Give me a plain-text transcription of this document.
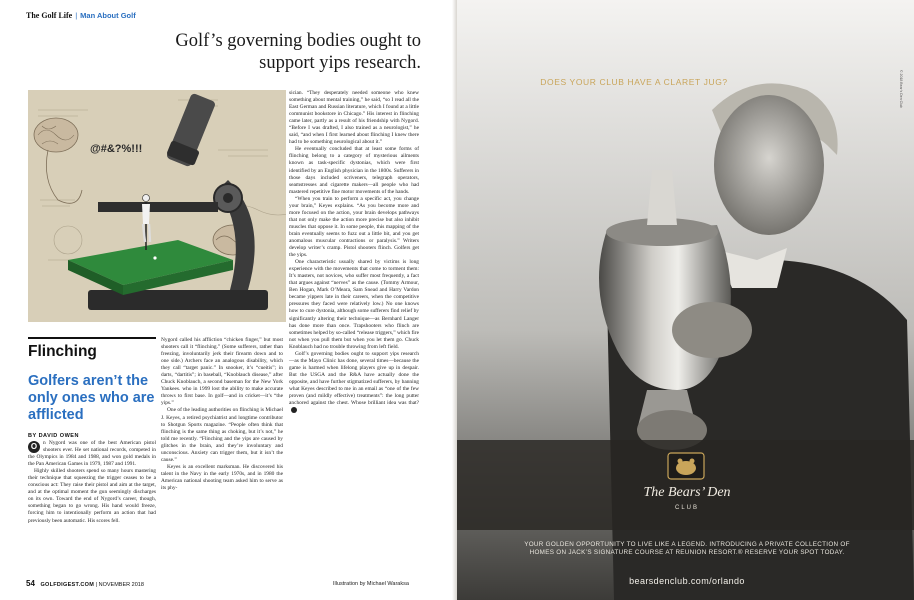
The Golf Life | Man About Golf
Golf’s governing bodies ought to support yips research.
@#&?%!!!
Flinching
Golfers aren’t the only ones who are afflicted
BY DAVID OWEN

O	n Nygord was one of the best American pistol shooters ever. He set national records, competed in the Olympics in 1984 and 1988, and won gold medals in the Pan American Games in 1979, 1987 and 1991.

Highly skilled shooters spend so many hours mastering their technique that squeezing the trigger ceases to be a conscious act: They raise their pistol and aim at the target, and at the optimal moment the gun seemingly discharges on its own. Toward the end of Nygord’s career, though, something began to go wrong. His hand would freeze, forcing him to intentionally perform an action that had previously been automatic. His scores fell.

Nygord called his affliction “chicken finger,” but most shooters call it “flinching.” (Some sufferers, rather than freezing, involuntarily jerk their firearm down and to one side.) Archers face an analogous disability, which they call “target panic.” In snooker, it’s “cueitis”; in darts, “dartitis”; in baseball, “Knoblauch disease,” after Chuck Knoblauch, a second baseman for the New York Yankees. who in 1999 lost the ability to make accurate throws to first base. In golf—and in cricket—it’s “the yips.”

One of the leading authorities on flinching is Michael J. Keyes, a retired psychiatrist and longtime contributor to Shotgun Sports magazine. “People often think that flinching is the same thing as choking, but it’s not,” he told me recently. “Flinching and the yips are caused by glitches in the brain, and they’re involuntary and unconscious. Anxiety can trigger them, but it isn’t the cause.”

Keyes is an excellent marksman. He discovered his talent in the Navy in the early 1970s, and in 1980 the American national shooting team asked him to serve as its phy-

sician. “They desperately needed someone who knew something about mental training,” he said, “so I read all the East German and Russian literature, which I found at a little communist bookstore in Chicago.” His interest in flinching came later, partly as a result of his friendship with Nygord. “Before I was drafted, I also trained as a neurologist,” he said, “and when I first learned about flinching I knew there had to be something neurological about it.”

He eventually concluded that at least some forms of flinching belong to a category of mysterious ailments known as task-specific dystonias, which were first identified by an English physician in the 1800s. Sufferers in those days included scriveners, telegraph operators, seamstresses and cigarette makers—all people who had mastered repetitive fine motor movements of the hands.

“When you train to perform a specific act, you change your brain,” Keyes explains. “As you become more and more focused on the action, your brain develops pathways that not only make the action more precise but also inhibit muscles that oppose it. In some people, this mapping of the brain eventually seems to fuzz out a little bit, and you get anomalous muscular contractions or paralysis.” Writers develop writer’s cramp. Pistol shooters flinch. Golfers get the yips.

One characteristic usually shared by victims is long experience with the movements that come to torment them: It’s masters, not novices, who suffer most frequently, a fact that argues against “nerves” as the cause. (Tommy Armour, Ben Hogan, Mark O’Meara, Sam Snead and Harry Vardon became yippers late in their careers, when the competitive pressures they faced were relatively low.) No one knows how to cure dystonia, although some sufferers find relief by significantly altering their technique—as Bernhard Langer has done more than once. Trapshooters who flinch are sometimes helped by so-called “release triggers,” which fire not when you pull them but when you let them go. Chuck Knoblauch had no trouble throwing from left field.

Golf’s governing bodies ought to support yips research—as the Mayo Clinic has done, several times—because the game is harmed when lifelong players give up in despair. But the USGA and the R&A have actually done the opposite, and have further stigmatized sufferers, by banning what Keyes described to me in an email as “one of the few proven (and mildly effective) treatments”: the long putter anchored against the chest. Whose brilliant idea was that?

54 GOLFDIGEST.COM | NOVEMBER 2018	Illustration by Michael Waraksa
DOES YOUR CLUB HAVE A CLARET JUG?	© 2018 Bear’s Den Club
The Bears’ Den
CLUB
YOUR GOLDEN OPPORTUNITY TO LIVE LIKE A LEGEND. INTRODUCING A PRIVATE COLLECTION OF HOMES ON JACK’S SIGNATURE COURSE AT REUNION RESORT.® RESERVE YOUR SPOT TODAY.
bearsdenclub.com/orlando
